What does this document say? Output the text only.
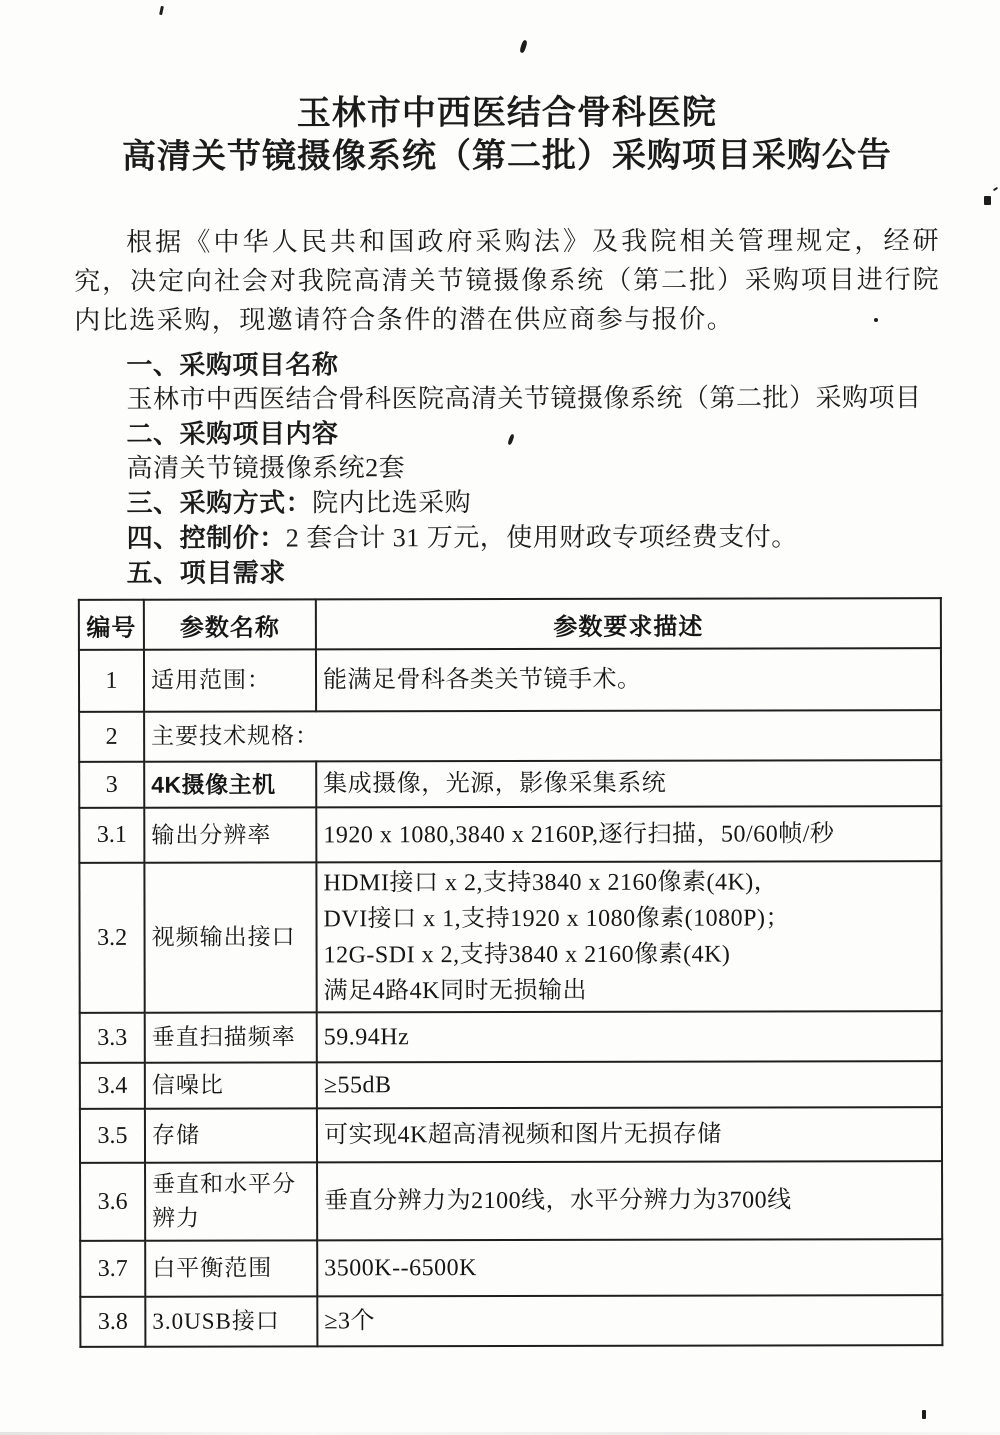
玉林市中西医结合骨科医院
高清关节镜摄像系统（第二批）采购项目采购公告

根据《中华人民共和国政府采购法》及我院相关管理规定，经研究，决定向社会对我院高清关节镜摄像系统（第二批）采购项目进行院内比选采购，现邀请符合条件的潜在供应商参与报价。

一、采购项目名称
玉林市中西医结合骨科医院高清关节镜摄像系统（第二批）采购项目
二、采购项目内容
高清关节镜摄像系统2套
三、采购方式：院内比选采购
四、控制价：2 套合计 31 万元，使用财政专项经费支付。
五、项目需求
编号	参数名称	参数要求描述
1	适用范围：	能满足骨科各类关节镜手术。

2	主要技术规格：	
3	4K摄像主机	集成摄像，光源，影像采集系统

3.1	输出分辨率	1920 x 1080,3840 x 2160P,逐行扫描，50/60帧/秒

3.2	视频输出接口	HDMI接口 x 2,支持3840 x 2160像素(4K)，
DVI接口 x 1,支持1920 x 1080像素(1080P)；
12G-SDI x 2,支持3840 x 2160像素(4K)
满足4路4K同时无损输出

3.3	垂直扫描频率	59.94Hz

3.4	信噪比	≥55dB

3.5	存储	可实现4K超高清视频和图片无损存储

3.6	垂直和水平分辨力	垂直分辨力为2100线，水平分辨力为3700线

3.7	白平衡范围	3500K--6500K

3.8	3.0USB接口	≥3个
